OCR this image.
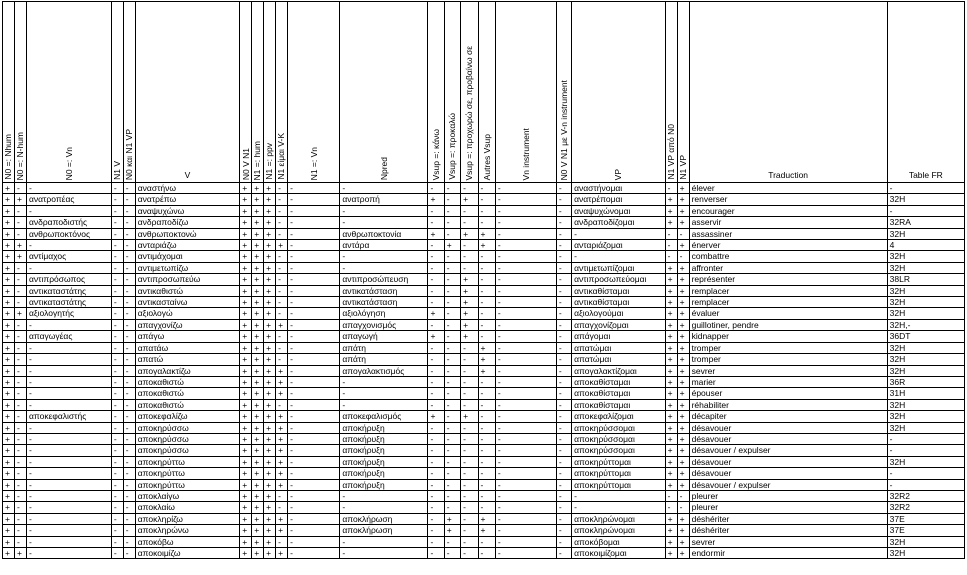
N0 =: Nhum	N0 =: N-hum	N0 =: Vn	N1 V	N0 και N1 VP	V	N0 V N1	N1 =: hum	N1 =: ppv	N1 είμαι V-K	N1 =: Vn	Npred	Vsup =: κάνω	Vsup =: προκαλώ	Vsup =: προχωρώ σε, προβαίνω σε	Autres Vsup	Vn instrument	N0 V N1 με V-n instrument	VP	N1 VP από N0	N1 VP	Traduction	Table FR
+	-	-	-	-	αναστήνω	+	+	+	-	-	-	-	-	-	-	-	-	αναστήνομαι	-	+	élever	-
+	+	ανατροπέας	-	-	ανατρέπω	+	+	+	-	-	ανατροπή	+	-	+	-	-	-	ανατρέπομαι	+	+	renverser	32H
+	-	-	-	-	αναψυχώνω	+	+	+	-	-	-	-	-	-	-	-	-	αναψυχώνομαι	+	+	encourager	-
+	-	ανδραποδιστής	-	-	ανδραποδίζω	+	+	+	-	-	-	-	-	-	-	-	-	ανδραποδίζομαι	+	+	asservir	32RA
+	-	ανθρωποκτόνος	-	-	ανθρωποκτονώ	+	+	+	-	-	ανθρωποκτονία	+	-	+	+	-	-	-	-	-	assassiner	32H
+	+	-	-	-	ανταριάζω	+	+	+	+	-	αντάρα	-	+	-	+	-	-	ανταριάζομαι	-	+	énerver	4
+	+	αντίμαχος	-	-	αντιμάχομαι	+	+	+	-	-	-	-	-	-	-	-	-	-	-	-	combattre	32H
+	-	-	-	-	αντιμετωπίζω	+	+	+	-	-	-	-	-	-	-	-	-	αντιμετωπίζομαι	+	+	affronter	32H
+	-	αντιπρόσωπος	-	-	αντιπροσωπεύω	+	+	+	-	-	αντιπροσώπευση	-	-	+	-	-	-	αντιπροσωπεύομαι	+	+	représenter	38LR
+	-	αντικαταστάτης	-	-	αντικαθιστώ	+	+	+	-	-	αντικατάσταση	-	-	+	-	-	-	αντικαθίσταμαι	+	+	remplacer	32H
+	-	αντικαταστάτης	-	-	αντικασταίνω	+	+	+	-	-	αντικατάσταση	-	-	+	-	-	-	αντικαθίσταμαι	+	+	remplacer	32H
+	+	αξιολογητής	-	-	αξιολογώ	+	+	+	-	-	αξιολόγηση	+	-	+	-	-	-	αξιολογούμαι	+	+	évaluer	32H
+	-	-	-	-	απαγχονίζω	+	+	+	+	-	απαγχονισμός	-	-	+	-	-	-	απαγχονίζομαι	+	+	guillotiner, pendre	32H,-
+	-	απαγωγέας	-	-	απάγω	+	+	+	-	-	απαγωγή	+	-	+	-	-	-	απάγομαι	+	+	kidnapper	36DT
+	-	-	-	-	απατάω	+	+	+	-	-	απάτη	-	-	-	+	-	-	απατώμαι	+	+	tromper	32H
+	-	-	-	-	απατώ	+	+	+	-	-	απάτη	-	-	-	+	-	-	απατώμαι	+	+	tromper	32H
+	-	-	-	-	απογαλακτίζω	+	+	+	+	-	απογαλακτισμός	-	-	-	+	-	-	απογαλακτίζομαι	+	+	sevrer	32H
+	-	-	-	-	αποκαθιστώ	+	+	+	+	-	-	-	-	-	-	-	-	αποκαθίσταμαι	+	+	marier	36R
+	-	-	-	-	αποκαθιστώ	+	+	+	+	-	-	-	-	-	-	-	-	αποκαθίσταμαι	+	+	épouser	31H
+	-	-	-	-	αποκαθιστώ	+	+	+	-	-	-	-	-	-	-	-	-	αποκαθίσταμαι	+	+	réhabiliter	32H
+	-	αποκεφαλιστής	-	-	αποκεφαλίζω	+	+	+	+	-	αποκεφαλισμός	+	-	+	-	-	-	αποκεφαλίζομαι	+	+	décapiter	32H
+	-	-	-	-	αποκηρύσσω	+	+	+	+	-	αποκήρυξη	-	-	-	-	-	-	αποκηρύσσομαι	+	+	désavouer	32H
+	-	-	-	-	αποκηρύσσω	+	+	+	+	-	αποκήρυξη	-	-	-	-	-	-	αποκηρύσσομαι	+	+	désavouer	-
+	-	-	-	-	αποκηρύσσω	+	+	+	+	-	αποκήρυξη	-	-	-	-	-	-	αποκηρύσσομαι	+	+	désavouer / expulser	-
+	-	-	-	-	αποκηρύττω	+	+	+	+	-	αποκήρυξη	-	-	-	-	-	-	αποκηρύττομαι	+	+	désavouer	32H
+	-	-	-	-	αποκηρύττω	+	+	+	+	-	αποκήρυξη	-	-	-	-	-	-	αποκηρύττομαι	+	+	désavouer	-
+	-	-	-	-	αποκηρύττω	+	+	+	+	-	αποκήρυξη	-	-	-	-	-	-	αποκηρύττομαι	+	+	désavouer / expulser	-
+	-	-	-	-	αποκλαίγω	+	+	+	-	-	-	-	-	-	-	-	-	-	-	-	pleurer	32R2
+	-	-	-	-	αποκλαίω	+	+	+	-	-	-	-	-	-	-	-	-	-	-	-	pleurer	32R2
+	-	-	-	-	αποκληρίζω	+	+	+	+	-	αποκλήρωση	-	+	-	+	-	-	αποκληρώνομαι	+	+	déshériter	37E
+	-	-	-	-	αποκληρώνω	+	+	+	+	-	αποκλήρωση	-	+	-	+	-	-	αποκληρώνομαι	+	+	déshériter	37E
+	-	-	-	-	αποκόβω	+	+	+	-	-	-	-	-	-	-	-	-	αποκόβομαι	+	+	sevrer	32H
+	+	-	-	-	αποκοιμίζω	+	+	+	+	-	-	-	-	-	-	-	-	αποκοιμίζομαι	+	+	endormir	32H
